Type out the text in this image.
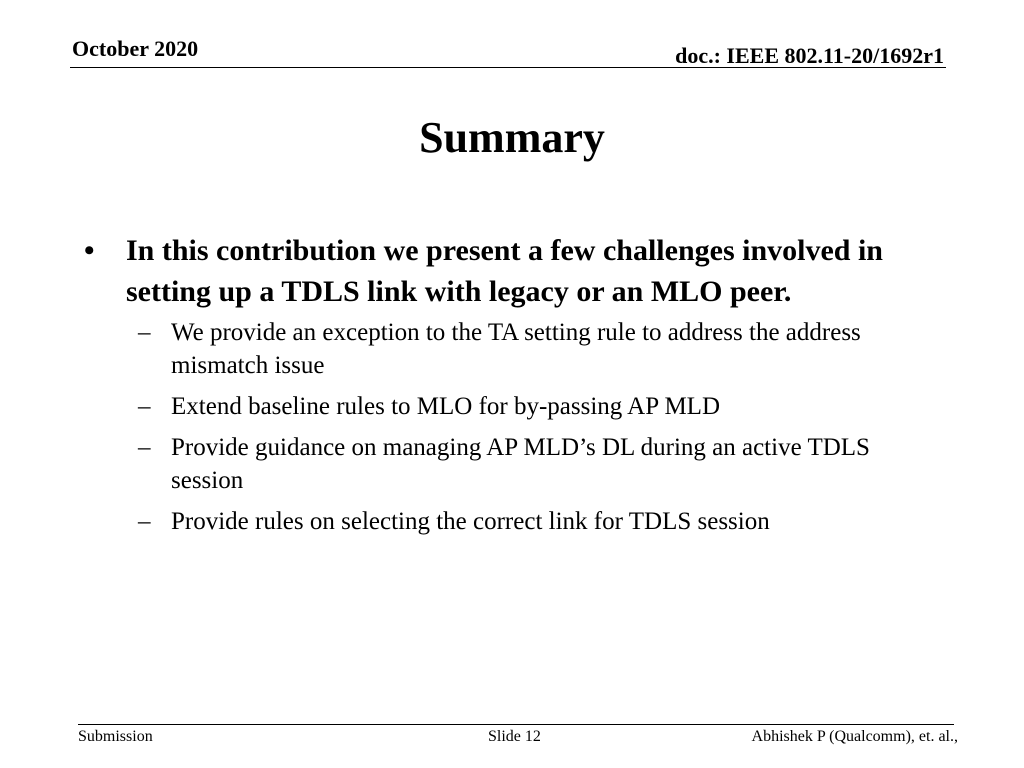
October 2020	doc.: IEEE 802.11-20/1692r1
Summary
•	In this contribution we present a few challenges involved in setting up a TDLS link with legacy or an MLO peer.
– We provide an exception to the TA setting rule to address the address mismatch issue
– Extend baseline rules to MLO for by-passing AP MLD
– Provide guidance on managing AP MLD’s DL during an active TDLS session
– Provide rules on selecting the correct link for TDLS session
Submission	Slide 12	Abhishek P (Qualcomm), et. al.,
